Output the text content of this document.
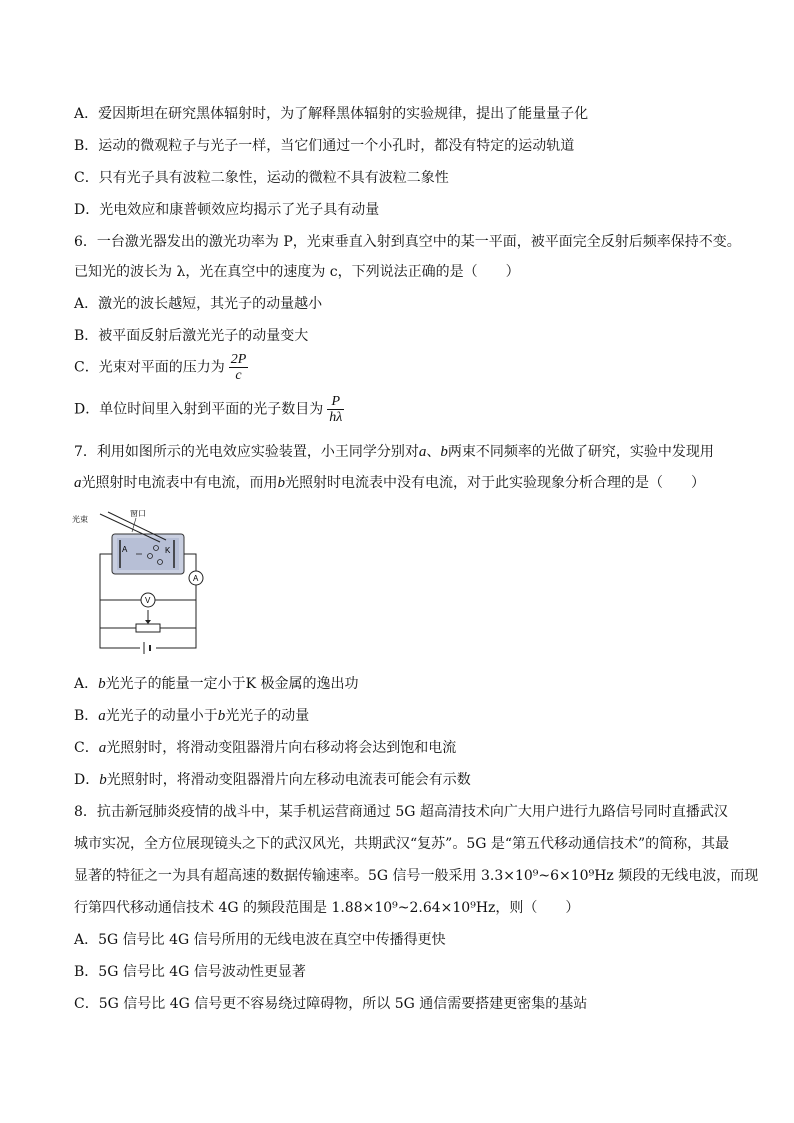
A．爱因斯坦在研究黑体辐射时，为了解释黑体辐射的实验规律，提出了能量量子化
B．运动的微观粒子与光子一样，当它们通过一个小孔时，都没有特定的运动轨道
C．只有光子具有波粒二象性，运动的微粒不具有波粒二象性
D．光电效应和康普顿效应均揭示了光子具有动量
6．一台激光器发出的激光功率为 P，光束垂直入射到真空中的某一平面，被平面完全反射后频率保持不变。
已知光的波长为 λ，光在真空中的速度为 c，下列说法正确的是（　　）
A．激光的波长越短，其光子的动量越小
B．被平面反射后激光光子的动量变大
C．光束对平面的压力为 $\frac{2P}{c}$
D．单位时间里入射到平面的光子数目为 $\frac{P}{h\lambda}$
7．利用如图所示的光电效应实验装置，小王同学分别对a、b两束不同频率的光做了研究，实验中发现用
a光照射时电流表中有电流，而用b光照射时电流表中没有电流，对于此实验现象分析合理的是（　　）
A	K
光束
窗口
A
V
A．b光光子的能量一定小于K 极金属的逸出功
B．a光光子的动量小于b光光子的动量
C．a光照射时，将滑动变阻器滑片向右移动将会达到饱和电流
D．b光照射时，将滑动变阻器滑片向左移动电流表可能会有示数
8．抗击新冠肺炎疫情的战斗中，某手机运营商通过 5G 超高清技术向广大用户进行九路信号同时直播武汉
城市实况，全方位展现镜头之下的武汉风光，共期武汉“复苏”。5G 是“第五代移动通信技术”的简称，其最
显著的特征之一为具有超高速的数据传输速率。5G 信号一般采用 3.3×10⁹~6×10⁹Hz 频段的无线电波，而现
行第四代移动通信技术 4G 的频段范围是 1.88×10⁹~2.64×10⁹Hz，则（　　）
A．5G 信号比 4G 信号所用的无线电波在真空中传播得更快
B．5G 信号比 4G 信号波动性更显著
C．5G 信号比 4G 信号更不容易绕过障碍物，所以 5G 通信需要搭建更密集的基站
